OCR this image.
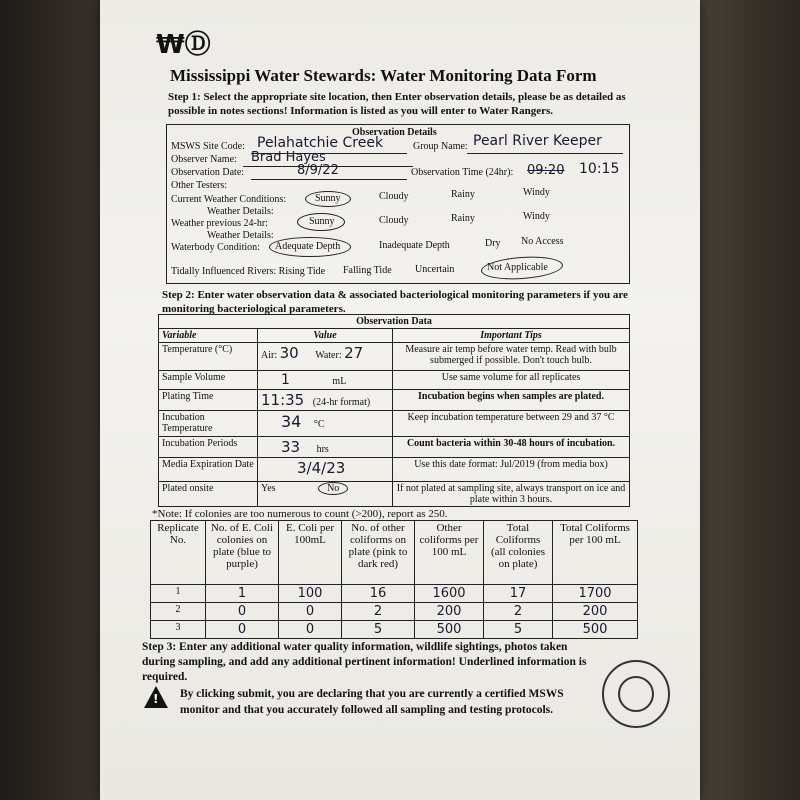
₩Ⓓ
Mississippi Water Stewards: Water Monitoring Data Form
Step 1: Select the appropriate site location, then Enter observation details, please be as detailed as possible in notes sections! Information is listed as you will enter to Water Rangers.
Observation Details
MSWS Site Code: Pelahatchie Creek	Group Name: Pearl River Keeper
Observer Name: Brad Hayes
Observation Date:	8/9/22	Observation Time (24hr): 09:20 10:15
Other Testers:
Current Weather Conditions:	Sunny	Cloudy	Rainy	Windy
Weather Details:
Weather previous 24-hr:	Sunny	Cloudy	Rainy	Windy
Weather Details:
Waterbody Condition: Adequate Depth	Inadequate Depth	Dry No Access
Tidally Influenced Rivers: Rising Tide Falling Tide Uncertain	Not Applicable
Step 2: Enter water observation data & associated bacteriological monitoring parameters if you are monitoring bacteriological parameters.
Observation Data		
Variable	Value	Important Tips
Temperature (°C)	Air: 30 Water: 27	Measure air temp before water temp. Read with bulb submerged if possible. Don't touch bulb.
Sample Volume	1 mL	Use same volume for all replicates
Plating Time	11:35 (24-hr format)	Incubation begins when samples are plated.
Incubation Temperature	34 °C	Keep incubation temperature between 29 and 37 °C
Incubation Periods	33 hrs	Count bacteria within 30-48 hours of incubation.
Media Expiration Date	3/4/23	Use this date format: Jul/2019 (from media box)
Plated onsite	Yes No	If not plated at sampling site, always transport on ice and plate within 3 hours.
*Note: If colonies are too numerous to count (>200), report as 250.
Replicate No.	No. of E. Coli colonies on plate (blue to purple)	E. Coli per 100mL	No. of other coliforms on plate (pink to dark red)	Other coliforms per 100 mL	Total Coliforms (all colonies on plate)	Total Coliforms per 100 mL
1	1	100	16	1600	17	1700
2	0	0	2	200	2	200
3	0	0	5	500	5	500
Step 3: Enter any additional water quality information, wildlife sightings, photos taken during sampling, and add any additional pertinent information! Underlined information is required.
! By clicking submit, you are declaring that you are currently a certified MSWS monitor and that you accurately followed all sampling and testing protocols.
